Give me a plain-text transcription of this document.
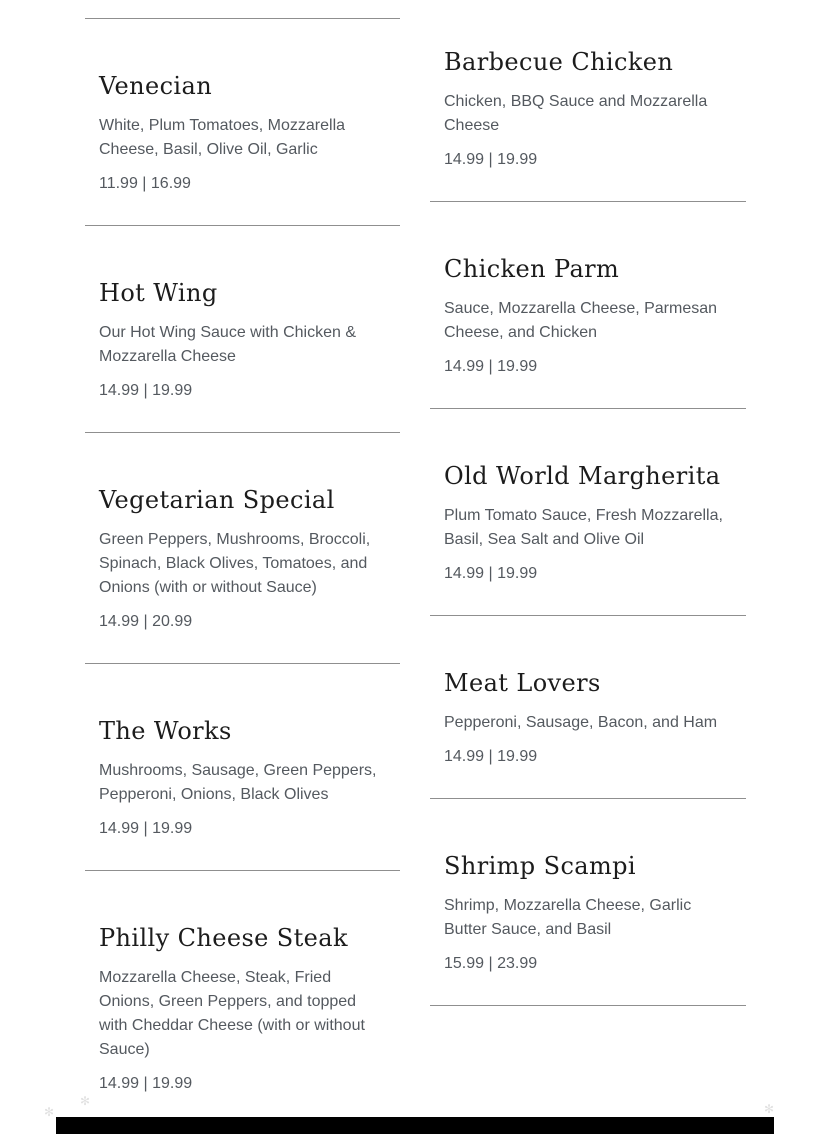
Venecian

White, Plum Tomatoes, Mozzarella Cheese, Basil, Olive Oil, Garlic

11.99 | 16.99

Hot Wing

Our Hot Wing Sauce with Chicken & Mozzarella Cheese

14.99 | 19.99

Vegetarian Special

Green Peppers, Mushrooms, Broccoli, Spinach, Black Olives, Tomatoes, and Onions (with or without Sauce)

14.99 | 20.99

The Works

Mushrooms, Sausage, Green Peppers, Pepperoni, Onions, Black Olives

14.99 | 19.99

Philly Cheese Steak

Mozzarella Cheese, Steak, Fried Onions, Green Peppers, and topped with Cheddar Cheese (with or without Sauce)

14.99 | 19.99

Barbecue Chicken

Chicken, BBQ Sauce and Mozzarella Cheese

14.99 | 19.99

Chicken Parm

Sauce, Mozzarella Cheese, Parmesan Cheese, and Chicken

14.99 | 19.99

Old World Margherita

Plum Tomato Sauce, Fresh Mozzarella, Basil, Sea Salt and Olive Oil

14.99 | 19.99

Meat Lovers

Pepperoni, Sausage, Bacon, and Ham

14.99 | 19.99

Shrimp Scampi

Shrimp, Mozzarella Cheese, Garlic Butter Sauce, and Basil

15.99 | 23.99

✻
✻
✻
